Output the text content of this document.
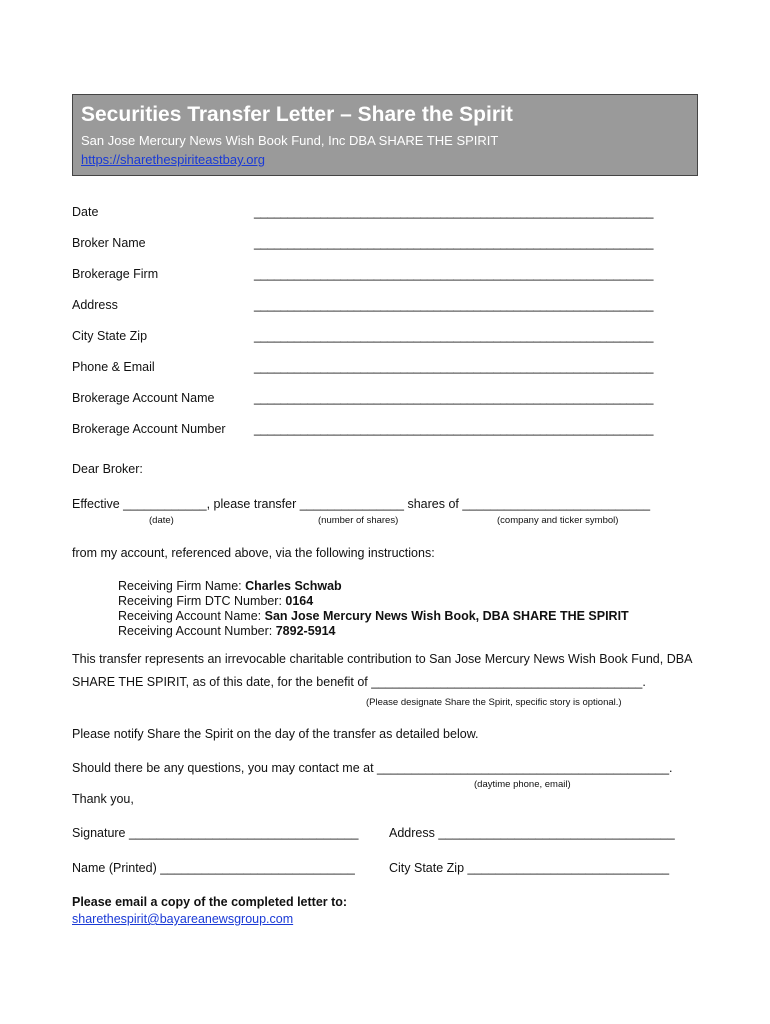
Securities Transfer Letter – Share the Spirit
San Jose Mercury News Wish Book Fund, Inc DBA SHARE THE SPIRIT
https://sharethespiriteastbay.org
Date	____________________________________________________________
Broker Name	____________________________________________________________
Brokerage Firm	____________________________________________________________
Address	____________________________________________________________
City State Zip	____________________________________________________________
Phone & Email	____________________________________________________________
Brokerage Account Name	____________________________________________________________
Brokerage Account Number ____________________________________________________________
Dear Broker:
Effective ____________, please transfer _______________ shares of ___________________________
(date)	(number of shares)	(company and ticker symbol)
from my account, referenced above, via the following instructions:
Receiving Firm Name: Charles Schwab
Receiving Firm DTC Number: 0164
Receiving Account Name: San Jose Mercury News Wish Book, DBA SHARE THE SPIRIT
Receiving Account Number: 7892-5914
This transfer represents an irrevocable charitable contribution to San Jose Mercury News Wish Book Fund, DBA
SHARE THE SPIRIT, as of this date, for the benefit of _______________________________________.
(Please designate Share the Spirit, specific story is optional.)
Please notify Share the Spirit on the day of the transfer as detailed below.
Should there be any questions, you may contact me at __________________________________________.
(daytime phone, email)
Thank you,
Signature _________________________________ Address __________________________________
Name (Printed) ____________________________	City State Zip _____________________________
Please email a copy of the completed letter to:
sharethespirit@bayareanewsgroup.com
